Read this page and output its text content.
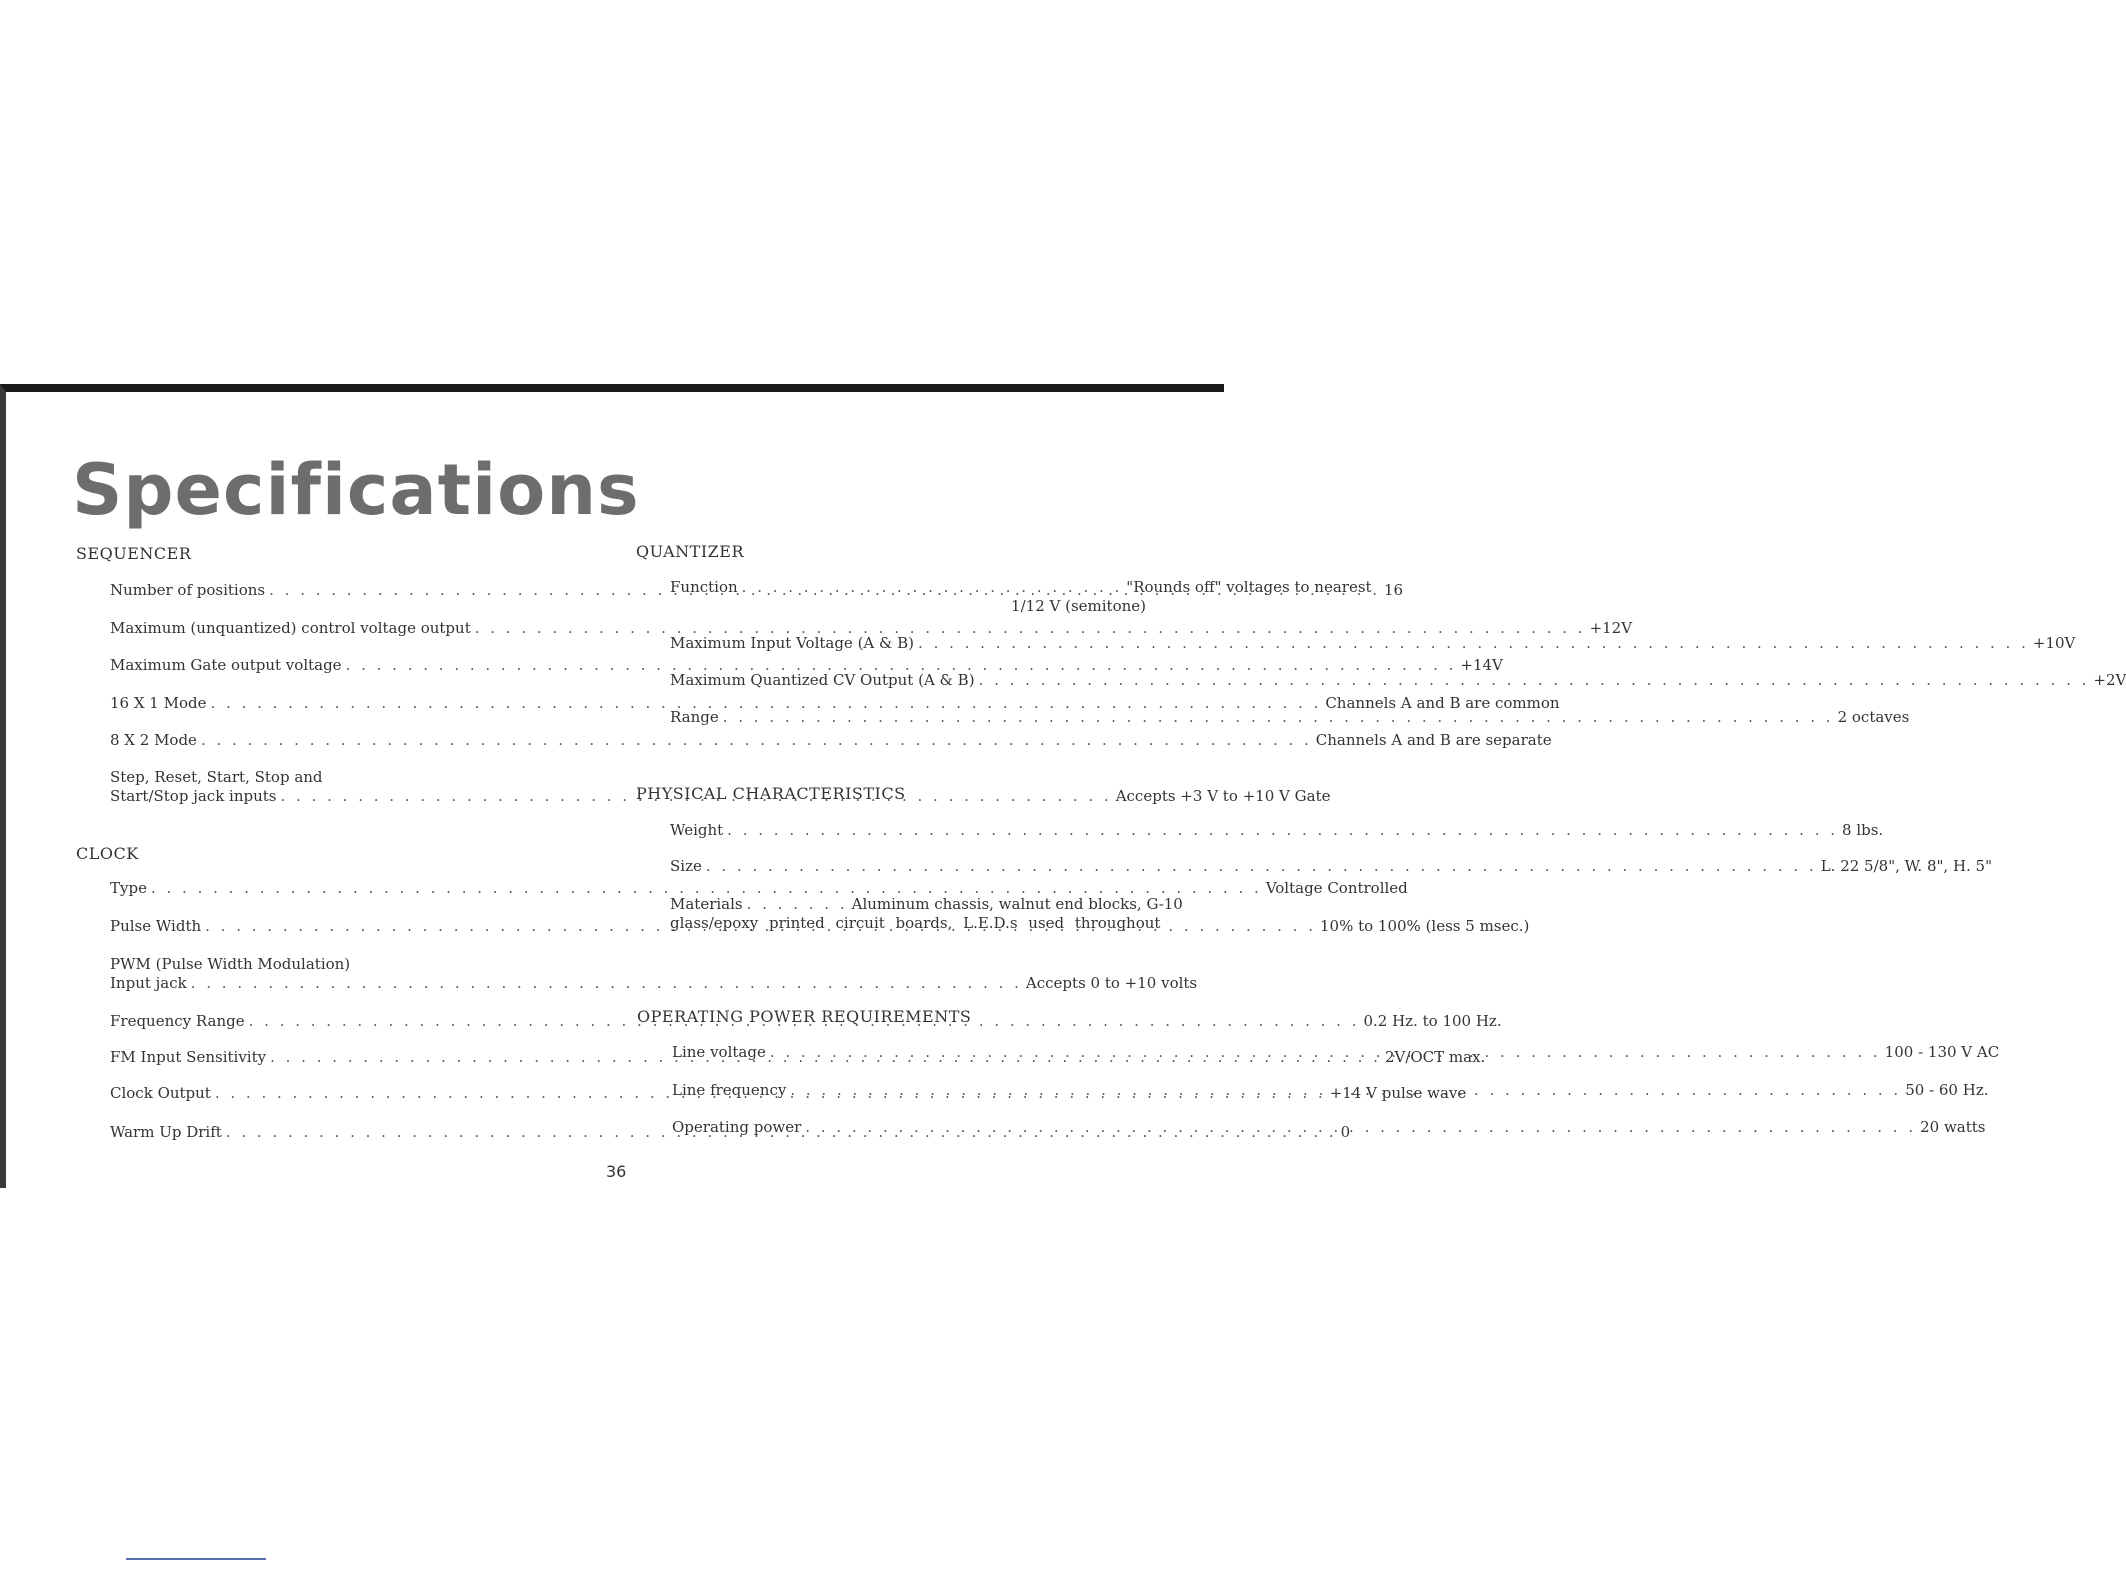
Specifications
SEQUENCER
Number of positions . . .	16
Maximum (unquantized) control voltage output . . .	+12V
Maximum Gate output voltage . . .	+14V
16 X 1 Mode . . .	Channels A and B are common
8 X 2 Mode . . .	Channels A and B are separate
Step, Reset, Start, Stop and
Start/Stop jack inputs . . .	Accepts +3 V to +10 V Gate
CLOCK
Type . . .	Voltage Controlled
Pulse Width . . .	10% to 100% (less 5 msec.)
PWM (Pulse Width Modulation)
Input jack . . .	Accepts 0 to +10 volts
Frequency Range . . .	0.2 Hz. to 100 Hz.
FM Input Sensitivity . . .	2V/OCT max.
Clock Output . . .	+14 V pulse wave
Warm Up Drift . . .	0
QUANTIZER
Function . . . . . . . . . . . . . . . . . . . . . . . . . "Rounds off" voltages to nearest
1/12 V (semitone)
Maximum Input Voltage (A & B) . . .	+10V
Maximum Quantized CV Output (A & B) . . .	+2V
Range . . .	2 octaves
PHYSICAL CHARACTERISTICS
Weight . . .	8 lbs.
Size . . .	L. 22 5/8", W. 8", H. 5"
Materials . . . . . . . Aluminum chassis, walnut end blocks, G-10
glass/epoxy printed circuit boards, L.E.D.s used throughout
OPERATING POWER REQUIREMENTS
Line voltage . . .	100 - 130 V AC
Line frequency . . .	50 - 60 Hz.
Operating power . . .	20 watts
36
